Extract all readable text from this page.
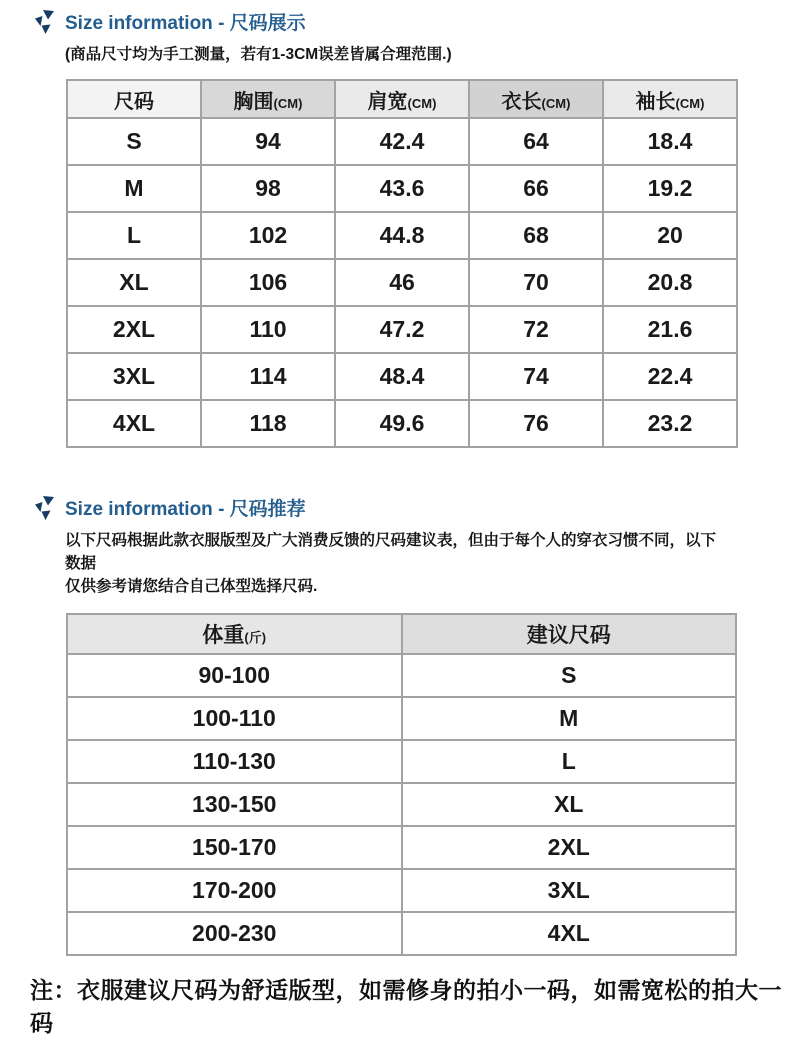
Size information - 尺码展示
(商品尺寸均为手工测量，若有1-3CM误差皆属合理范围.)
尺码	胸围(CM)	肩宽(CM)	衣长(CM)	袖长(CM)
S	94	42.4	64	18.4
M	98	43.6	66	19.2
L	102	44.8	68	20
XL	106	46	70	20.8
2XL	110	47.2	72	21.6
3XL	114	48.4	74	22.4
4XL	118	49.6	76	23.2
Size information - 尺码推荐
以下尺码根据此款衣服版型及广大消费反馈的尺码建议表，但由于每个人的穿衣习惯不同，以下数据
仅供参考请您结合自己体型选择尺码.
体重(斤)	建议尺码
90-100	S
100-110	M
110-130	L
130-150	XL
150-170	2XL
170-200	3XL
200-230	4XL
注：衣服建议尺码为舒适版型，如需修身的拍小一码，如需宽松的拍大一码
